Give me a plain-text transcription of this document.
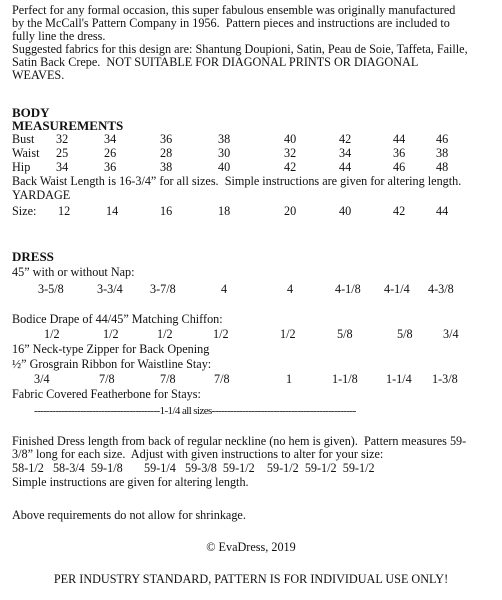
Perfect for any formal occasion, this super fabulous ensemble was originally manufactured
by the McCall's Pattern Company in 1956.  Pattern pieces and instructions are included to
fully line the dress.
Suggested fabrics for this design are: Shantung Doupioni, Satin, Peau de Soie, Taffeta, Faille,
Satin Back Crepe.  NOT SUITABLE FOR DIAGONAL PRINTS OR DIAGONAL
WEAVES.
BODY
MEASUREMENTS
Bust 32	34	36	38	40	42	44	46
Waist 25	26	28	30	32	34	36	38
Hip 34	36	38	40	42	44	46	48
Back Waist Length is 16-3/4” for all sizes.  Simple instructions are given for altering length.
YARDAGE
Size: 12	14	16	18	20	40	42	44
DRESS
45” with or without Nap:
3-5/8	3-3/4 3-7/8	4	4	4-1/8 4-1/4 4-3/8
Bodice Drape of 44/45” Matching Chiffon:
1/2	1/2	1/2	1/2	1/2	5/8	5/8 3/4
16” Neck-type Zipper for Back Opening
½” Grosgrain Ribbon for Waistline Stay:
3/4	7/8	7/8	7/8	1	1-1/8 1-1/4 1-3/8
Fabric Covered Featherbone for Stays:
-----------------------------------------1-1/4 all sizes-----------------------------------------------
Finished Dress length from back of regular neckline (no hem is given).  Pattern measures 59-
3/8” long for each size.  Adjust with given instructions to alter for your size:
58-1/2   58-3/4  59-1/8       59-1/4   59-3/8  59-1/2    59-1/2  59-1/2  59-1/2
Simple instructions are given for altering length.
Above requirements do not allow for shrinkage.
© EvaDress, 2019
PER INDUSTRY STANDARD, PATTERN IS FOR INDIVIDUAL USE ONLY!
